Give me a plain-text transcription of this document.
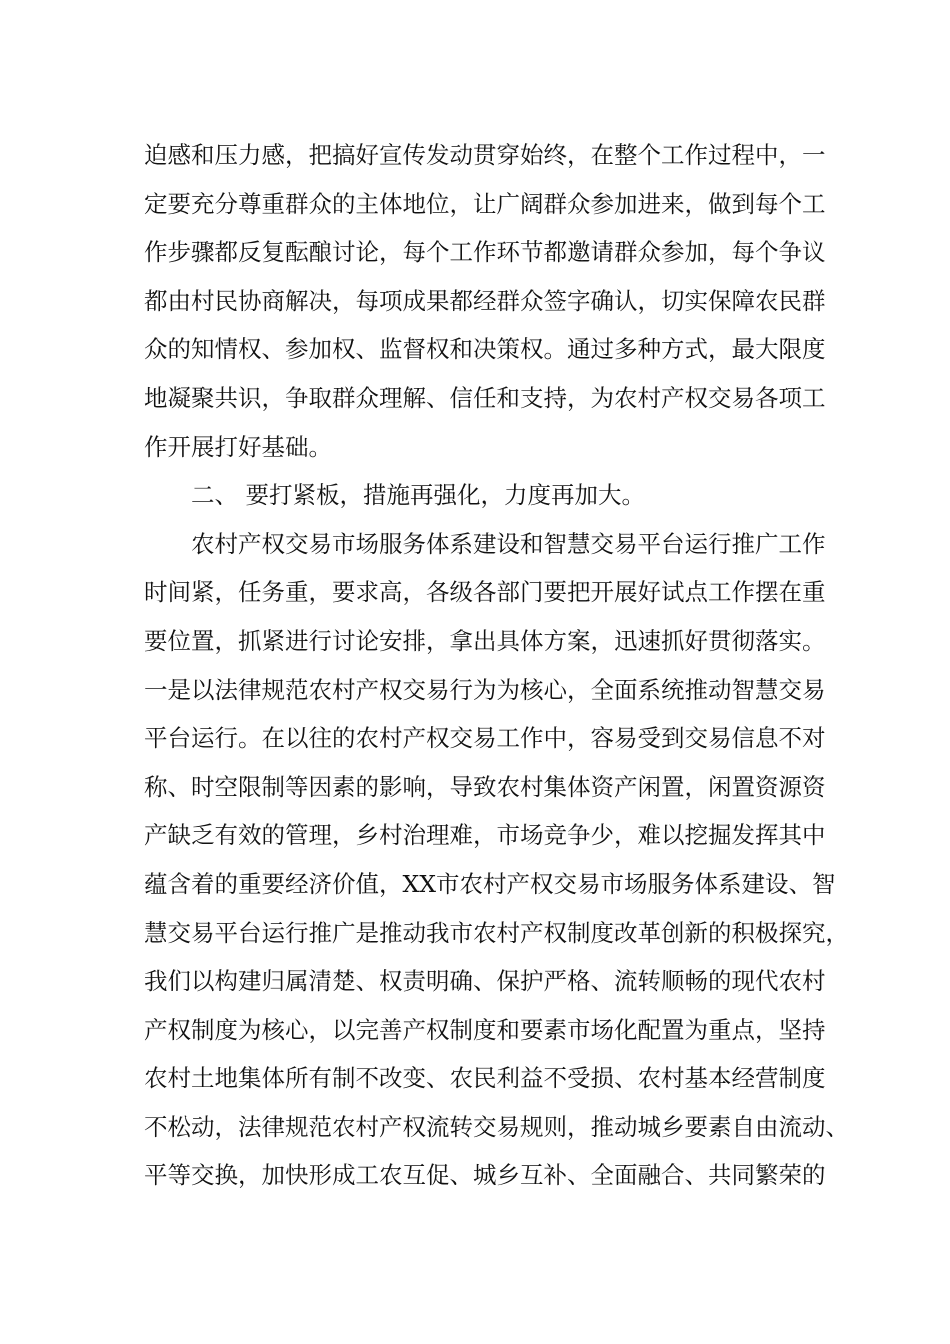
迫感和压力感，把搞好宣传发动贯穿始终，在整个工作过程中，一
定要充分尊重群众的主体地位，让广阔群众参加进来，做到每个工
作步骤都反复酝酿讨论，每个工作环节都邀请群众参加，每个争议
都由村民协商解决，每项成果都经群众签字确认，切实保障农民群
众的知情权、参加权、监督权和决策权。通过多种方式，最大限度
地凝聚共识，争取群众理解、信任和支持，为农村产权交易各项工
作开展打好基础。
二、 要打紧板，措施再强化，力度再加大。
农村产权交易市场服务体系建设和智慧交易平台运行推广工作
时间紧，任务重，要求高，各级各部门要把开展好试点工作摆在重
要位置，抓紧进行讨论安排，拿出具体方案，迅速抓好贯彻落实。
一是以法律规范农村产权交易行为为核心，全面系统推动智慧交易
平台运行。在以往的农村产权交易工作中，容易受到交易信息不对
称、时空限制等因素的影响，导致农村集体资产闲置，闲置资源资
产缺乏有效的管理，乡村治理难，市场竞争少，难以挖掘发挥其中
蕴含着的重要经济价值，XX市农村产权交易市场服务体系建设、智
慧交易平台运行推广是推动我市农村产权制度改革创新的积极探究，
我们以构建归属清楚、权责明确、保护严格、流转顺畅的现代农村
产权制度为核心，以完善产权制度和要素市场化配置为重点，坚持
农村土地集体所有制不改变、农民利益不受损、农村基本经营制度
不松动，法律规范农村产权流转交易规则，推动城乡要素自由流动、
平等交换，加快形成工农互促、城乡互补、全面融合、共同繁荣的
